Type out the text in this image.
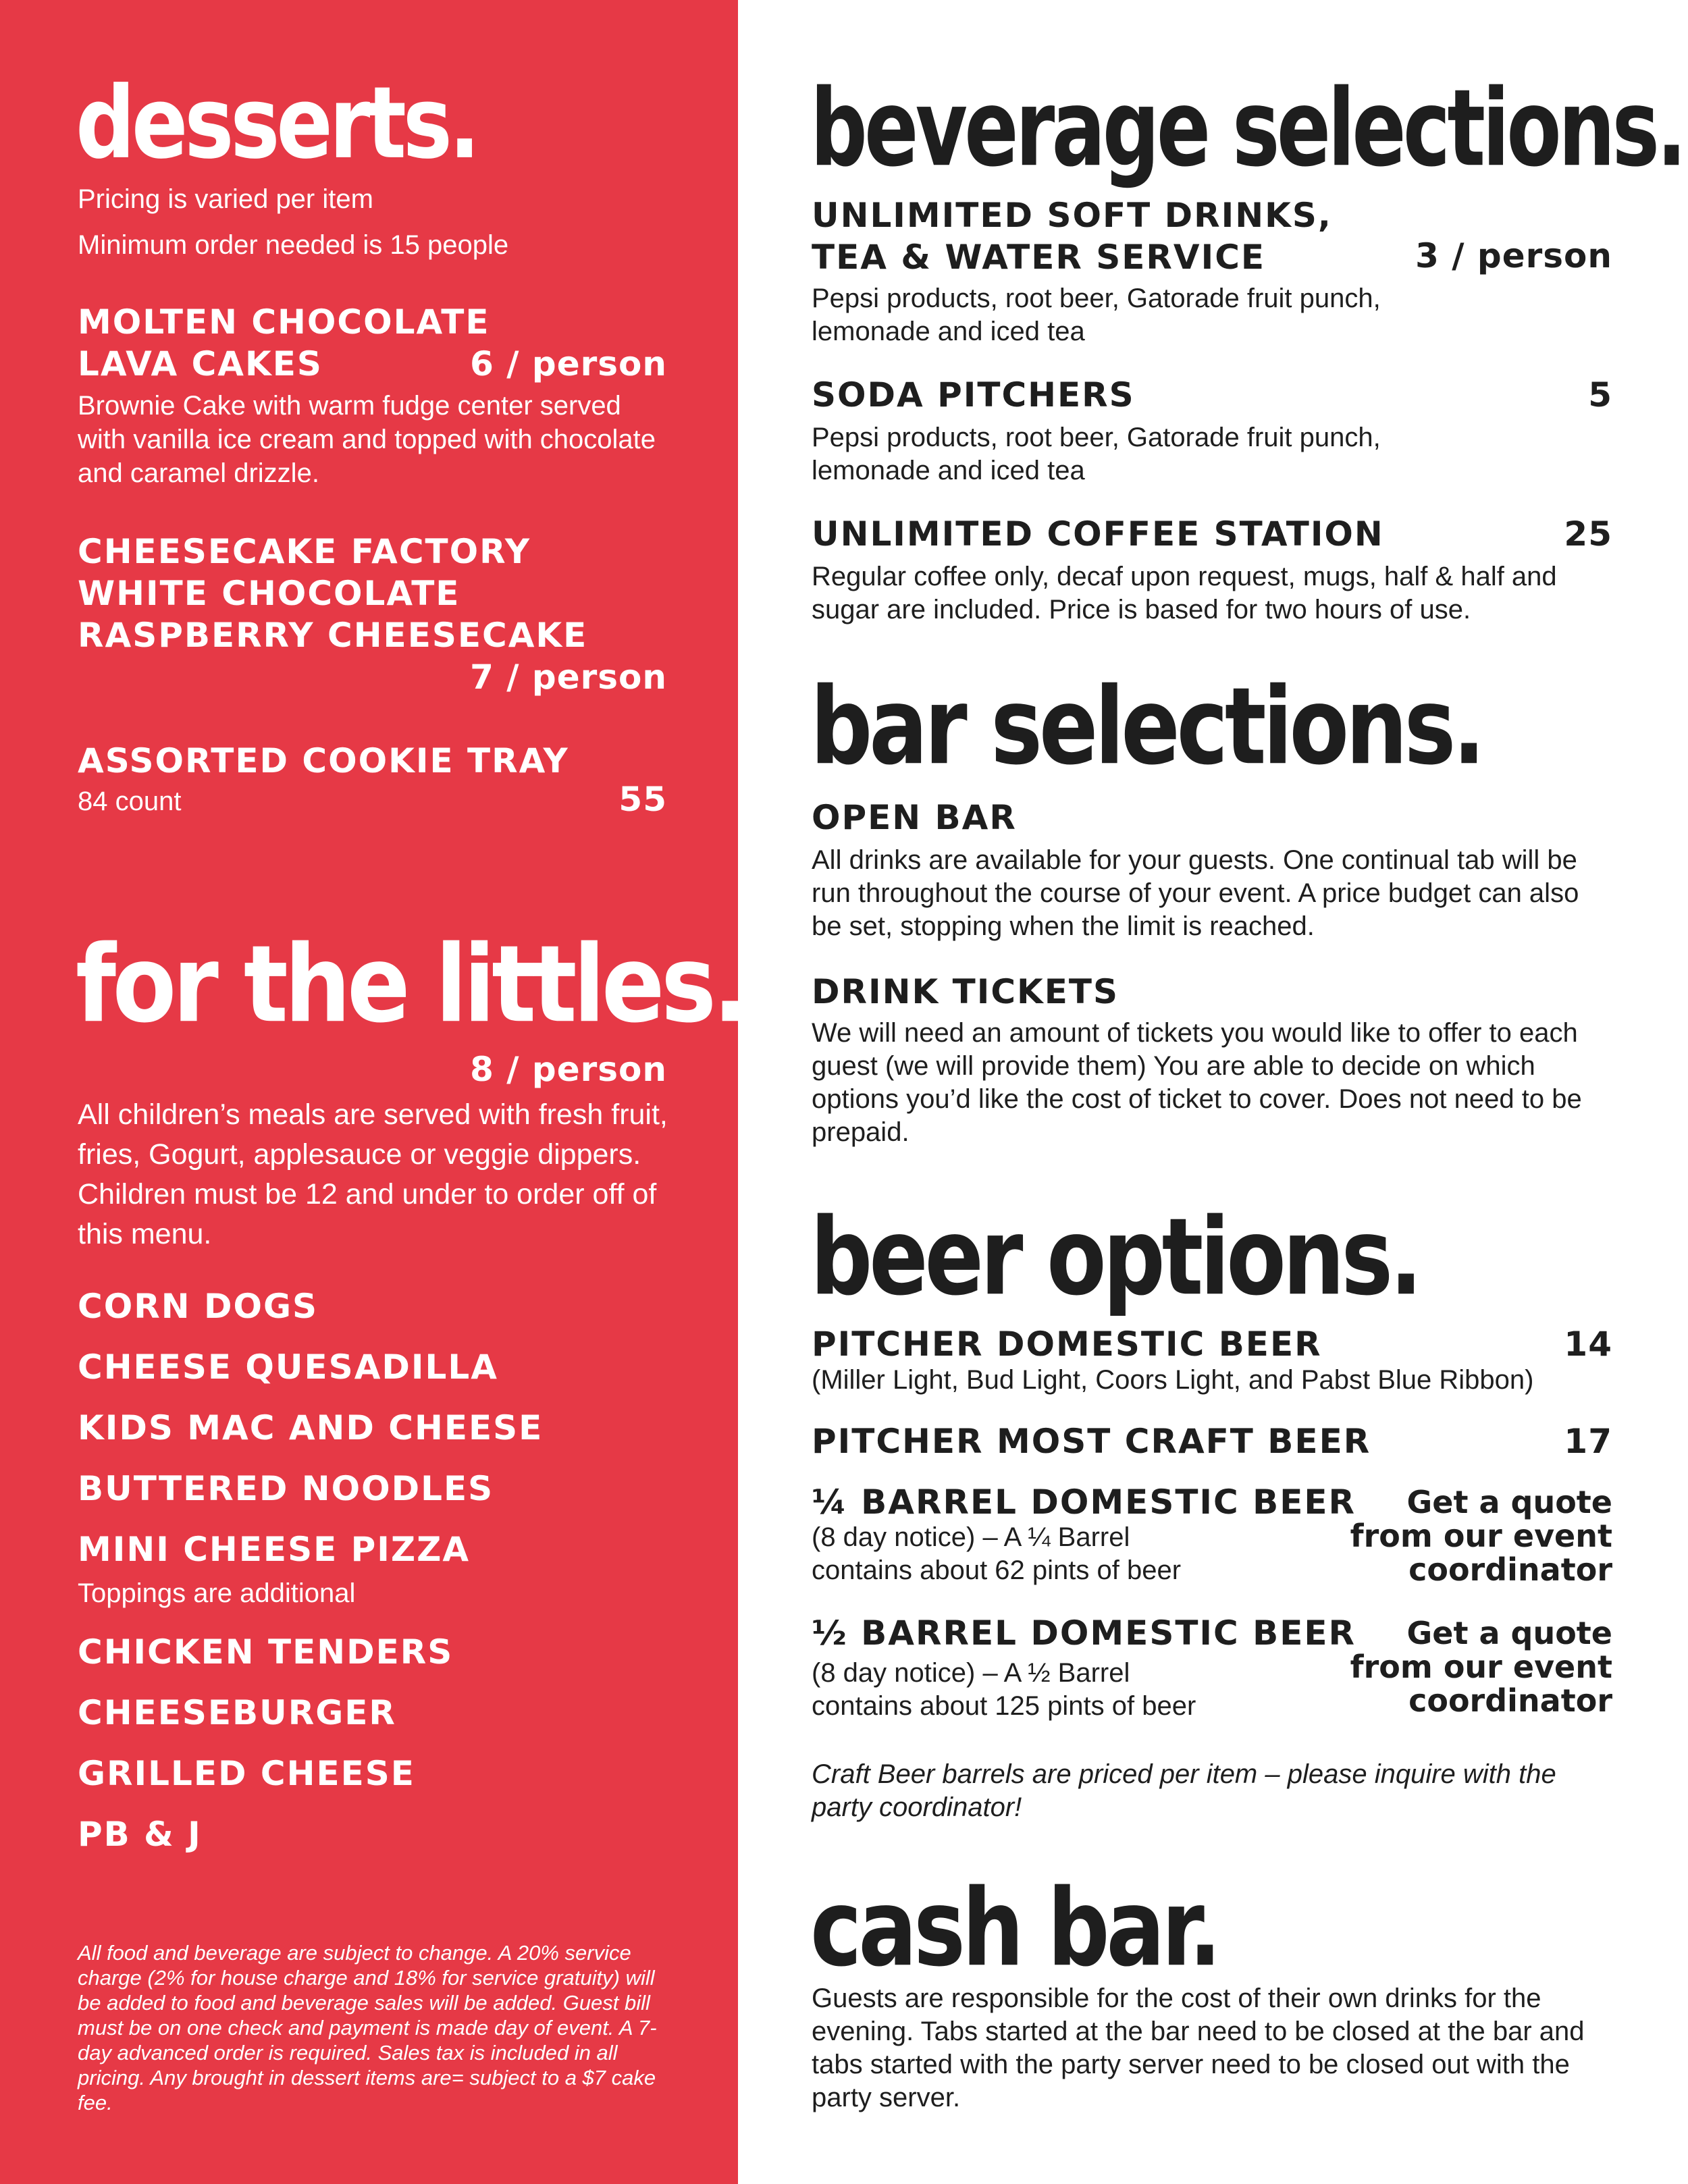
desserts.
Pricing is varied per item
Minimum order needed is 15 people
MOLTEN CHOCOLATE
LAVA CAKES	6 / person
Brownie Cake with warm fudge center served with vanilla ice cream and topped with chocolate and caramel drizzle.
CHEESECAKE FACTORY
WHITE CHOCOLATE
RASPBERRY CHEESECAKE
7 / person
ASSORTED COOKIE TRAY
84 count	55
for the littles.
8 / person
All children’s meals are served with fresh fruit, fries, Gogurt, applesauce or veggie dippers. Children must be 12 and under to order off of this menu.
CORN DOGS
CHEESE QUESADILLA
KIDS MAC AND CHEESE
BUTTERED NOODLES
MINI CHEESE PIZZA
Toppings are additional
CHICKEN TENDERS
CHEESEBURGER
GRILLED CHEESE
PB & J
All food and beverage are subject to change. A 20% service charge (2% for house charge and 18% for service gratuity) will be added to food and beverage sales will be added. Guest bill must be on one check and payment is made day of event. A 7-day advanced order is required. Sales tax is included in all pricing. Any brought in dessert items are= subject to a $7 cake fee.
beverage selections.
UNLIMITED SOFT DRINKS,
TEA & WATER SERVICE	3 / person
Pepsi products, root beer, Gatorade fruit punch, lemonade and iced tea
SODA PITCHERS	5
Pepsi products, root beer, Gatorade fruit punch, lemonade and iced tea
UNLIMITED COFFEE STATION	25
Regular coffee only, decaf upon request, mugs, half & half and sugar are included. Price is based for two hours of use.
bar selections.
OPEN BAR
All drinks are available for your guests. One continual tab will be run throughout the course of your event. A price budget can also be set, stopping when the limit is reached.
DRINK TICKETS
We will need an amount of tickets you would like to offer to each guest (we will provide them) You are able to decide on which options you’d like the cost of ticket to cover. Does not need to be prepaid.
beer options.
PITCHER DOMESTIC BEER	14
(Miller Light, Bud Light, Coors Light, and Pabst Blue Ribbon)
PITCHER MOST CRAFT BEER	17
¼ BARREL DOMESTIC BEER
(8 day notice) – A ¼ Barrel
contains about 62 pints of beer
Get a quote
from our event
coordinator
½ BARREL DOMESTIC BEER
(8 day notice) – A ½ Barrel
contains about 125 pints of beer
Get a quote
from our event
coordinator
Craft Beer barrels are priced per item – please inquire with the party coordinator!
cash bar.
Guests are responsible for the cost of their own drinks for the evening. Tabs started at the bar need to be closed at the bar and tabs started with the party server need to be closed out with the party server.
